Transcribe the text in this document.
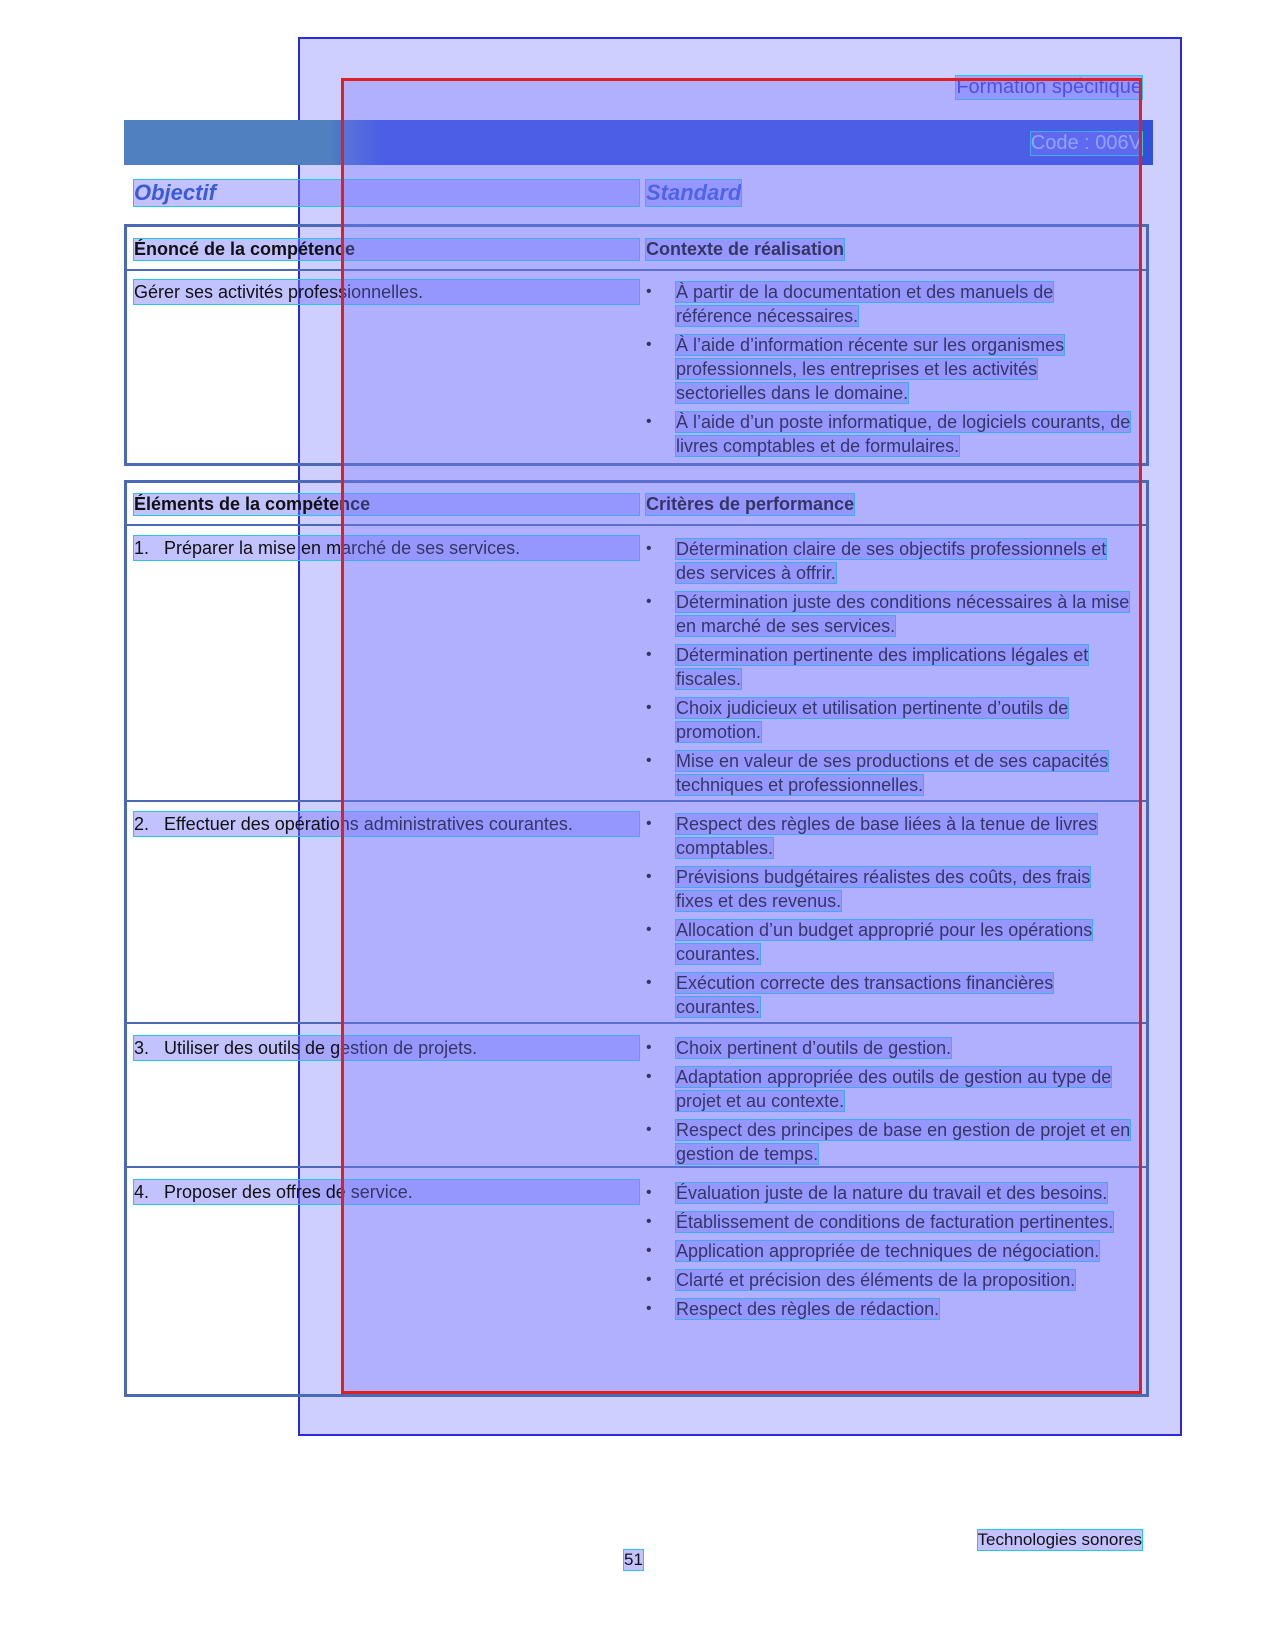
Formation spécifique
Code : 006V
Objectif	Standard
Énoncé de la compétence	Contexte de réalisation
Gérer ses activités professionnelles.	• À partir de la documentation et des manuels de référence nécessaires.
• À l’aide d’information récente sur les organismes professionnels, les entreprises et les activités sectorielles dans le domaine.
• À l’aide d’un poste informatique, de logiciels courants, de livres comptables et de formulaires.
Éléments de la compétence	Critères de performance
1. Préparer la mise en marché de ses services.	• Détermination claire de ses objectifs professionnels et des services à offrir.
• Détermination juste des conditions nécessaires à la mise en marché de ses services.
• Détermination pertinente des implications légales et fiscales.
• Choix judicieux et utilisation pertinente d’outils de promotion.
• Mise en valeur de ses productions et de ses capacités techniques et professionnelles.
2. Effectuer des opérations administratives courantes.	• Respect des règles de base liées à la tenue de livres comptables.
• Prévisions budgétaires réalistes des coûts, des frais fixes et des revenus.
• Allocation d’un budget approprié pour les opérations courantes.
• Exécution correcte des transactions financières courantes.
3. Utiliser des outils de gestion de projets.	• Choix pertinent d’outils de gestion.
• Adaptation appropriée des outils de gestion au type de projet et au contexte.
• Respect des principes de base en gestion de projet et en gestion de temps.
4. Proposer des offres de service.	• Évaluation juste de la nature du travail et des besoins.
• Établissement de conditions de facturation pertinentes.
• Application appropriée de techniques de négociation.
• Clarté et précision des éléments de la proposition.
• Respect des règles de rédaction.
Technologies sonores
51
